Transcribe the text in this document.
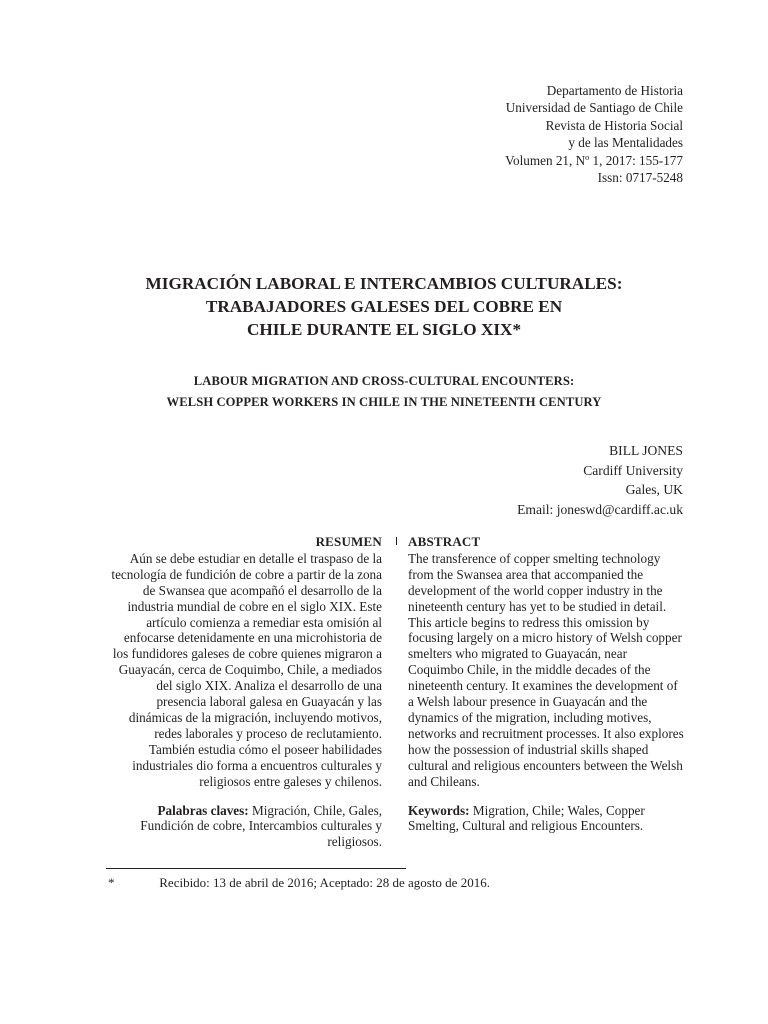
Departamento de Historia
Universidad de Santiago de Chile
Revista de Historia Social
y de las Mentalidades
Volumen 21, Nº 1, 2017: 155-177
Issn: 0717-5248
MIGRACIÓN LABORAL E INTERCAMBIOS CULTURALES:
TRABAJADORES GALESES DEL COBRE EN
CHILE DURANTE EL SIGLO XIX*
LABOUR MIGRATION AND CROSS-CULTURAL ENCOUNTERS:
WELSH COPPER WORKERS IN CHILE IN THE NINETEENTH CENTURY
BILL JONES
Cardiff University
Gales, UK
Email: joneswd@cardiff.ac.uk
RESUMEN

Aún se debe estudiar en detalle el traspaso de la tecnología de fundición de cobre a partir de la zona de Swansea que acompañó el desarrollo de la industria mundial de cobre en el siglo XIX. Este artículo comienza a remediar esta omisión al enfocarse detenidamente en una microhistoria de los fundidores galeses de cobre quienes migraron a Guayacán, cerca de Coquimbo, Chile, a mediados del siglo XIX. Analiza el desarrollo de una presencia laboral galesa en Guayacán y las dinámicas de la migración, incluyendo motivos, redes laborales y proceso de reclutamiento. También estudia cómo el poseer habilidades industriales dio forma a encuentros culturales y religiosos entre galeses y chilenos.

Palabras claves: Migración, Chile, Gales, Fundición de cobre, Intercambios culturales y religiosos.
ABSTRACT

The transference of copper smelting technology from the Swansea area that accompanied the development of the world copper industry in the nineteenth century has yet to be studied in detail. This article begins to redress this omission by focusing largely on a micro history of Welsh copper smelters who migrated to Guayacán, near Coquimbo Chile, in the middle decades of the nineteenth century. It examines the development of a Welsh labour presence in Guayacán and the dynamics of the migration, including motives, networks and recruitment processes. It also explores how the possession of industrial skills shaped cultural and religious encounters between the Welsh and Chileans.

Keywords: Migration, Chile; Wales, Copper Smelting, Cultural and religious Encounters.
*	Recibido: 13 de abril de 2016; Aceptado: 28 de agosto de 2016.
